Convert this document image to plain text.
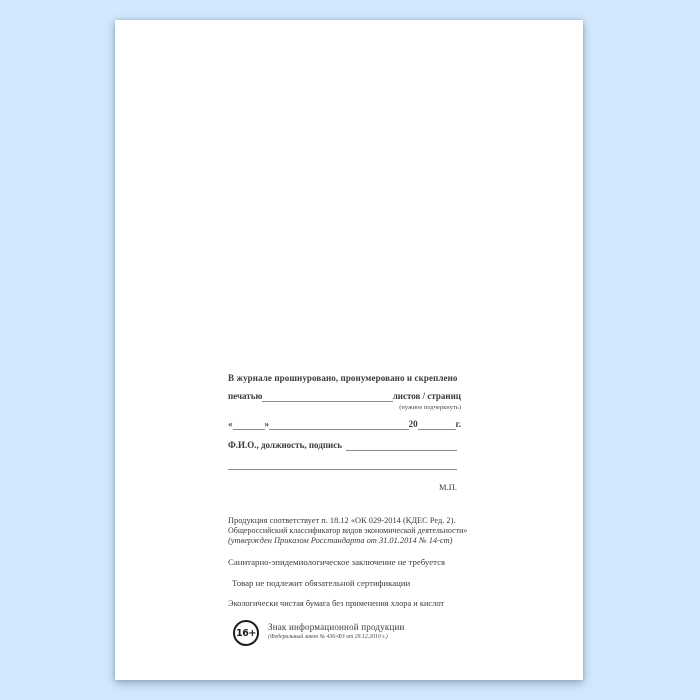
В журнале прошнуровано, пронумеровано и скреплено
печатью	листов / страниц
(нужное подчеркнуть)
«	»	20	г.
Ф.И.О., должность, подпись
М.П.
Продукция соответствует п. 18.12 «ОК 029-2014 (КДЕС Ред. 2).
Общероссийский классификатор видов экономической деятельности»
(утвержден Приказом Росстандарта от 31.01.2014 № 14-ст)
Санитарно-эпидемиологическое заключение не требуется
Товар не подлежит обязательной сертификации
Экологически чистая бумага без применения хлора и кислот
16+
Знак информационной продукции
(Федеральный закон № 436-ФЗ от 29.12.2010 г.)
